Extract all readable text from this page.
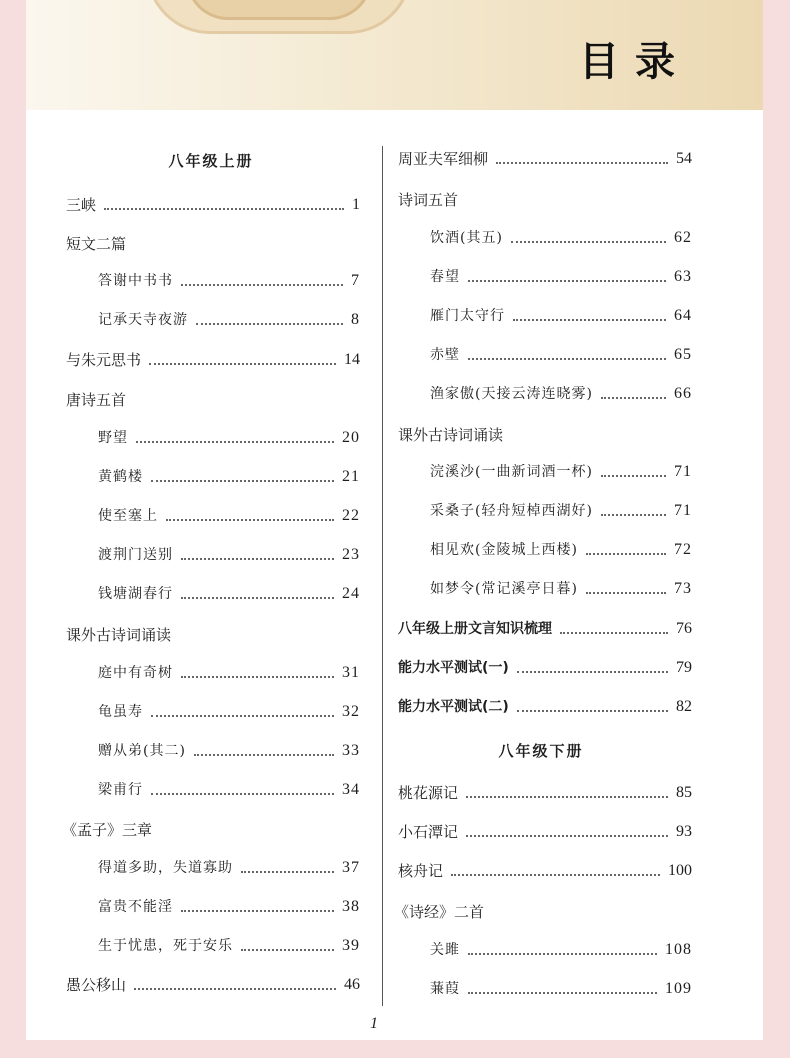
目录
八年级上册
三峡	1
短文二篇
答谢中书书	7
记承天寺夜游	8
与朱元思书	14
唐诗五首
野望	20
黄鹤楼	21
使至塞上	22
渡荆门送别	23
钱塘湖春行	24
课外古诗词诵读
庭中有奇树	31
龟虽寿	32
赠从弟(其二)	33
梁甫行	34
《孟子》三章
得道多助，失道寡助	37
富贵不能淫	38
生于忧患，死于安乐	39
愚公移山	46
周亚夫军细柳	54
诗词五首
饮酒(其五)	62
春望	63
雁门太守行	64
赤壁	65
渔家傲(天接云涛连晓雾)	66
课外古诗词诵读
浣溪沙(一曲新词酒一杯)	71
采桑子(轻舟短棹西湖好)	71
相见欢(金陵城上西楼)	72
如梦令(常记溪亭日暮)	73
八年级上册文言知识梳理	76
能力水平测试(一)	79
能力水平测试(二)	82
八年级下册
桃花源记	85
小石潭记	93
核舟记	100
《诗经》二首
关雎	108
蒹葭	109
1
